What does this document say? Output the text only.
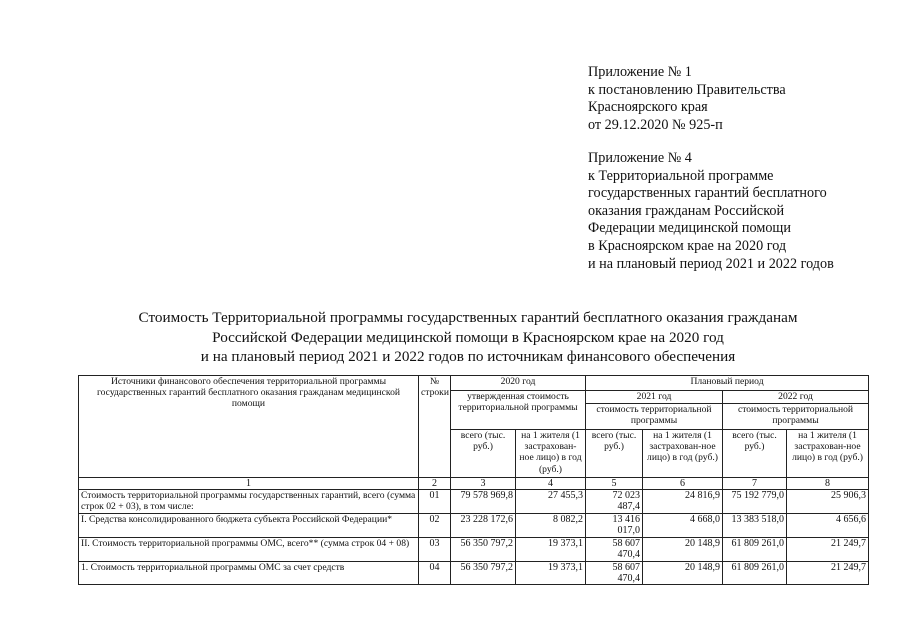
Приложение № 1
к постановлению Правительства
Красноярского края
от 29.12.2020 № 925-п
Приложение № 4
к Территориальной программе
государственных гарантий бесплатного
оказания гражданам Российской
Федерации медицинской помощи
в Красноярском крае на 2020 год
и на плановый период 2021 и 2022 годов
Стоимость Территориальной программы государственных гарантий бесплатного оказания гражданам
Российской Федерации медицинской помощи в Красноярском крае на 2020 год
и на плановый период 2021 и 2022 годов по источникам финансового обеспечения
Источники финансового обеспечения территориальной программы государственных гарантий бесплатного оказания гражданам медицинской помощи	№ строки	2020 год		Плановый период			
		утвержденная стоимость территориальной программы		2021 год		2022 год	
				стоимость территориальной программы		стоимость территориальной программы	
		всего (тыс. руб.)	на 1 жителя (1 застрахован-ное лицо) в год (руб.)	всего (тыс. руб.)	на 1 жителя (1 застрахован-ное лицо) в год (руб.)	всего (тыс. руб.)	на 1 жителя (1 застрахован-ное лицо) в год (руб.)
1	2	3	4	5	6	7	8
Стоимость территориальной программы государственных гарантий, всего (сумма строк 02 + 03), в том числе:	01	79 578 969,8	27 455,3	72 023 487,4	24 816,9	75 192 779,0	25 906,3
I. Средства консолидированного бюджета субъекта Российской Федерации*	02	23 228 172,6	8 082,2	13 416 017,0	4 668,0	13 383 518,0	4 656,6
II. Стоимость территориальной программы ОМС, всего** (сумма строк 04 + 08)	03	56 350 797,2	19 373,1	58 607 470,4	20 148,9	61 809 261,0	21 249,7
1. Стоимость территориальной программы ОМС за счет средств	04	56 350 797,2	19 373,1	58 607 470,4	20 148,9	61 809 261,0	21 249,7
